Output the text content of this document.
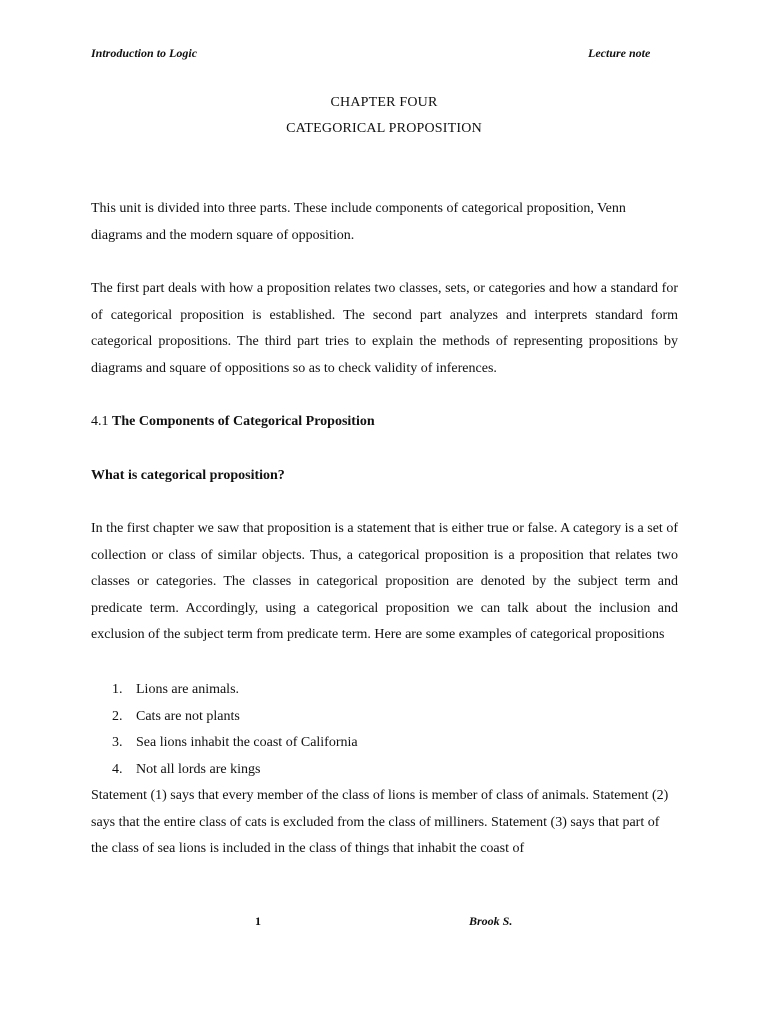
Introduction to Logic	Lecture note
CHAPTER FOUR
CATEGORICAL PROPOSITION
This unit is divided into three parts. These include components of categorical proposition, Venn diagrams and the modern square of opposition.
The first part deals with how a proposition relates two classes, sets, or categories and how a standard for of categorical proposition is established. The second part analyzes and interprets standard form categorical propositions. The third part tries to explain the methods of representing propositions by diagrams and square of oppositions so as to check validity of inferences.
4.1 The Components of Categorical Proposition
What is categorical proposition?
In the first chapter we saw that proposition is a statement that is either true or false. A category is a set of collection or class of similar objects. Thus, a categorical proposition is a proposition that relates two classes or categories. The classes in categorical proposition are denoted by the subject term and predicate term. Accordingly, using a categorical proposition we can talk about the inclusion and exclusion of the subject term from predicate term. Here are some examples of categorical propositions
1. Lions are animals.
2. Cats are not plants
3. Sea lions inhabit the coast of California
4. Not all lords are kings
Statement (1) says that every member of the class of lions is member of class of animals. Statement (2) says that the entire class of cats is excluded from the class of milliners. Statement (3) says that part of the class of sea lions is included in the class of things that inhabit the coast of
1	Brook S.
